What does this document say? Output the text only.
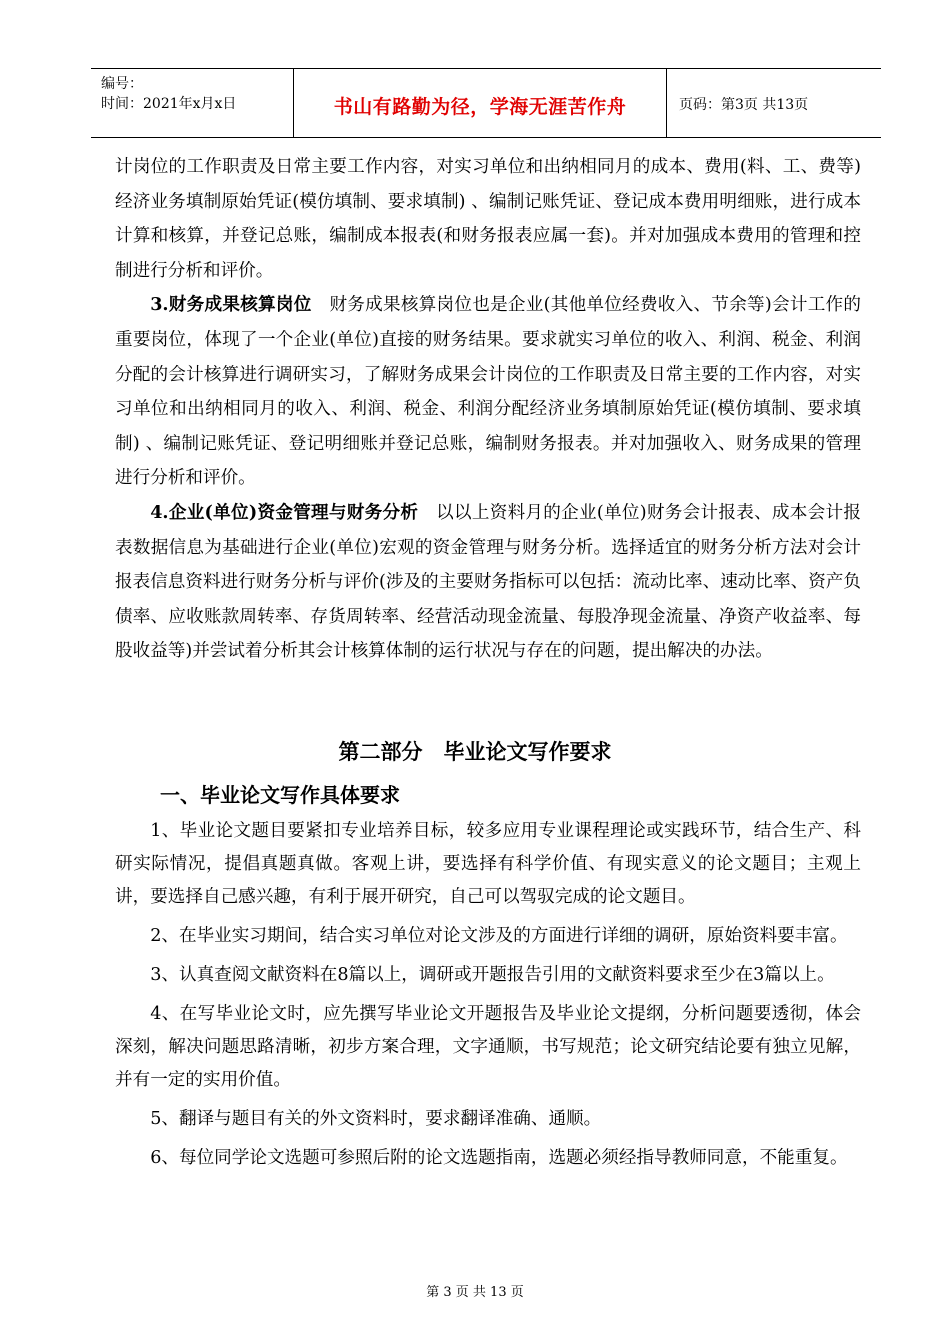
编号：
时间：2021年x月x日	书山有路勤为径，学海无涯苦作舟	页码：第3页 共13页

计岗位的工作职责及日常主要工作内容，对实习单位和出纳相同月的成本、费用(料、工、费等)经济业务填制原始凭证(模仿填制、要求填制) 、编制记账凭证、登记成本费用明细账，进行成本计算和核算，并登记总账，编制成本报表(和财务报表应属一套)。并对加强成本费用的管理和控制进行分析和评价。

3.财务成果核算岗位　财务成果核算岗位也是企业(其他单位经费收入、节余等)会计工作的重要岗位，体现了一个企业(单位)直接的财务结果。要求就实习单位的收入、利润、税金、利润分配的会计核算进行调研实习，了解财务成果会计岗位的工作职责及日常主要的工作内容，对实习单位和出纳相同月的收入、利润、税金、利润分配经济业务填制原始凭证(模仿填制、要求填制) 、编制记账凭证、登记明细账并登记总账，编制财务报表。并对加强收入、财务成果的管理进行分析和评价。

4.企业(单位)资金管理与财务分析　以以上资料月的企业(单位)财务会计报表、成本会计报表数据信息为基础进行企业(单位)宏观的资金管理与财务分析。选择适宜的财务分析方法对会计报表信息资料进行财务分析与评价(涉及的主要财务指标可以包括：流动比率、速动比率、资产负债率、应收账款周转率、存货周转率、经营活动现金流量、每股净现金流量、净资产收益率、每股收益等)并尝试着分析其会计核算体制的运行状况与存在的问题，提出解决的办法。

第二部分　毕业论文写作要求
一、毕业论文写作具体要求

1、毕业论文题目要紧扣专业培养目标，较多应用专业课程理论或实践环节，结合生产、科研实际情况，提倡真题真做。客观上讲，要选择有科学价值、有现实意义的论文题目；主观上讲，要选择自己感兴趣，有利于展开研究，自己可以驾驭完成的论文题目。

2、在毕业实习期间，结合实习单位对论文涉及的方面进行详细的调研，原始资料要丰富。

3、认真查阅文献资料在8篇以上，调研或开题报告引用的文献资料要求至少在3篇以上。

4、在写毕业论文时，应先撰写毕业论文开题报告及毕业论文提纲，分析问题要透彻，体会深刻，解决问题思路清晰，初步方案合理，文字通顺，书写规范；论文研究结论要有独立见解，并有一定的实用价值。

5、翻译与题目有关的外文资料时，要求翻译准确、通顺。

6、每位同学论文选题可参照后附的论文选题指南，选题必须经指导教师同意，不能重复。

第 3 页 共 13 页
